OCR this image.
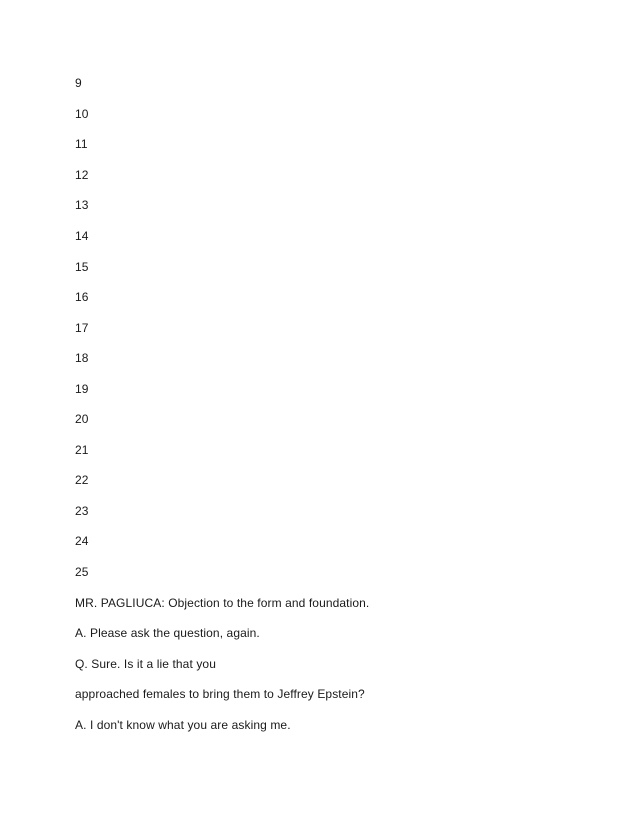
9
10
11
12
13
14
15
16
17
18
19
20
21
22
23
24
25
MR. PAGLIUCA: Objection to the form and foundation.
A. Please ask the question, again.
Q. Sure. Is it a lie that you
approached females to bring them to Jeffrey Epstein?
A. I don't know what you are asking me.
